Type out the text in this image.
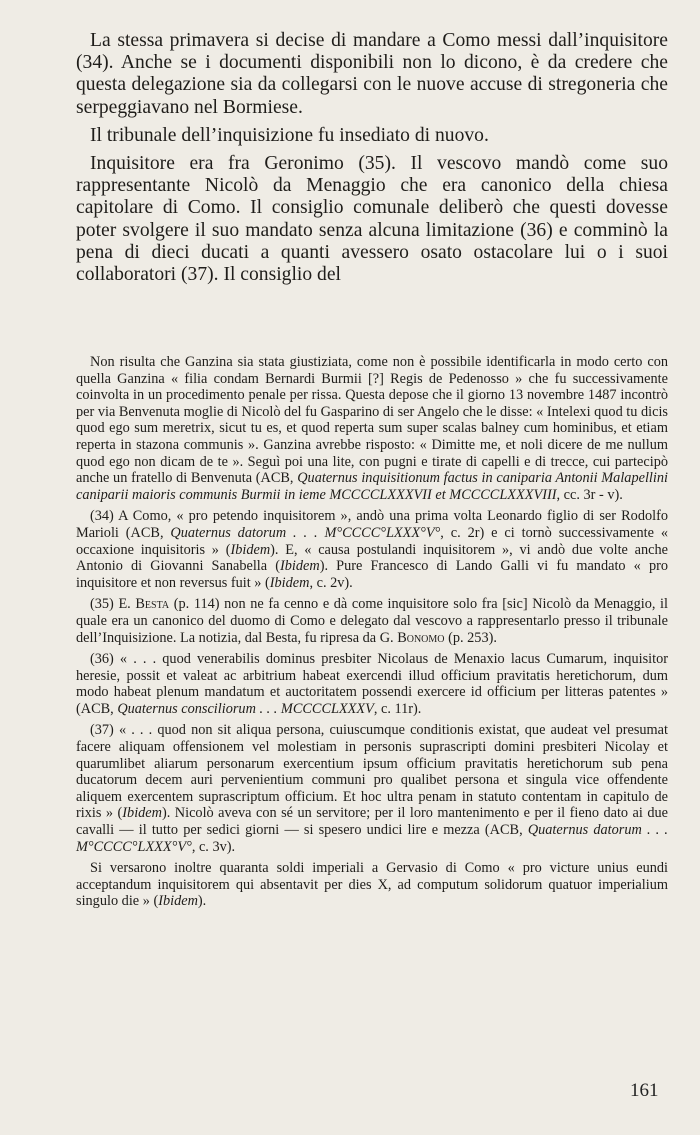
La stessa primavera si decise di mandare a Como messi dall’inquisitore (34). Anche se i documenti disponibili non lo dicono, è da credere che questa delegazione sia da collegarsi con le nuove accuse di stregoneria che serpeggiavano nel Bormiese.

Il tribunale dell’inquisizione fu insediato di nuovo.

Inquisitore era fra Geronimo (35). Il vescovo mandò come suo rappresentante Nicolò da Menaggio che era canonico della chiesa capitolare di Como. Il consiglio comunale deliberò che questi dovesse poter svolgere il suo mandato senza alcuna limitazione (36) e comminò la pena di dieci ducati a quanti avessero osato ostacolare lui o i suoi collaboratori (37). Il consiglio del

Non risulta che Ganzina sia stata giustiziata, come non è possibile identificarla in modo certo con quella Ganzina « filia condam Bernardi Burmii [?] Regis de Pedenosso » che fu successivamente coinvolta in un procedimento penale per rissa. Questa depose che il giorno 13 novembre 1487 incontrò per via Benvenuta moglie di Nicolò del fu Gasparino di ser Angelo che le disse: « Intelexi quod tu dicis quod ego sum meretrix, sicut tu es, et quod reperta sum super scalas balney cum hominibus, et etiam reperta in stazona communis ». Ganzina avrebbe risposto: « Dimitte me, et noli dicere de me nullum quod ego non dicam de te ». Seguì poi una lite, con pugni e tirate di capelli e di trecce, cui partecipò anche un fratello di Benvenuta (ACB, Quaternus inquisitionum factus in caniparia Antonii Malapellini caniparii maioris communis Burmii in ieme MCCCCLXXXVII et MCCCCLXXXVIII, cc. 3r - v).

(34) A Como, « pro petendo inquisitorem », andò una prima volta Leonardo figlio di ser Rodolfo Marioli (ACB, Quaternus datorum . . . M°CCCC°LXXX°V°, c. 2r) e ci tornò successivamente « occaxione inquisitoris » (Ibidem). E, « causa postulandi inquisitorem », vi andò due volte anche Antonio di Giovanni Sanabella (Ibidem). Pure Francesco di Lando Galli vi fu mandato « pro inquisitore et non reversus fuit » (Ibidem, c. 2v).

(35) E. Besta (p. 114) non ne fa cenno e dà come inquisitore solo fra [sic] Nicolò da Menaggio, il quale era un canonico del duomo di Como e delegato dal vescovo a rappresentarlo presso il tribunale dell’Inquisizione. La notizia, dal Besta, fu ripresa da G. Bonomo (p. 253).

(36) « . . . quod venerabilis dominus presbiter Nicolaus de Menaxio lacus Cumarum, inquisitor heresie, possit et valeat ac arbitrium habeat exercendi illud officium pravitatis heretichorum, dum modo habeat plenum mandatum et auctoritatem possendi exercere id officium per litteras patentes » (ACB, Quaternus consciliorum . . . MCCCCLXXXV, c. 11r).

(37) « . . . quod non sit aliqua persona, cuiuscumque conditionis existat, que audeat vel presumat facere aliquam offensionem vel molestiam in personis suprascripti domini presbiteri Nicolay et quarumlibet aliarum personarum exercentium ipsum officium pravitatis heretichorum sub pena ducatorum decem auri pervenientium communi pro qualibet persona et singula vice offendente aliquem exercentem suprascriptum officium. Et hoc ultra penam in statuto contentam in capitulo de rixis » (Ibidem). Nicolò aveva con sé un servitore; per il loro mantenimento e per il fieno dato ai due cavalli — il tutto per sedici giorni — si spesero undici lire e mezza (ACB, Quaternus datorum . . . M°CCCC°LXXX°V°, c. 3v).

Si versarono inoltre quaranta soldi imperiali a Gervasio di Como « pro victure unius eundi acceptandum inquisitorem qui absentavit per dies X, ad computum solidorum quatuor imperialium singulo die » (Ibidem).

161
